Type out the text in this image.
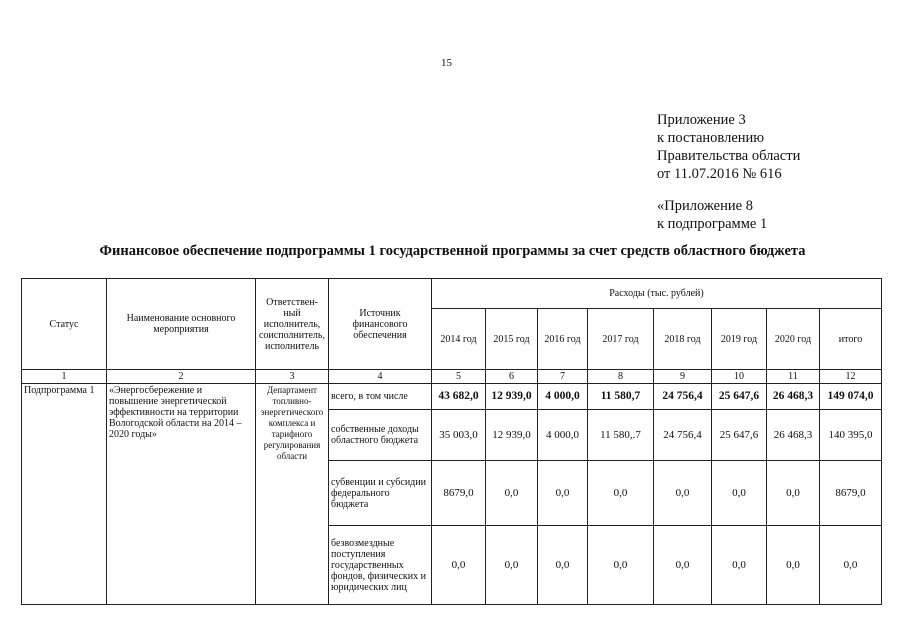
15
Приложение 3
к постановлению
Правительства области
от 11.07.2016 № 616
«Приложение 8
к подпрограмме 1
Финансовое обеспечение подпрограммы 1 государственной программы за счет средств областного бюджета
Статус	Наименование основного мероприятия	Ответствен-ный исполнитель, соисполнитель, исполнитель	Источник финансового обеспечения	Расходы (тыс. рублей)							
				2014 год	2015 год	2016 год	2017 год	2018 год	2019 год	2020 год	итого
1	2	3	4	5	6	7	8	9	10	11	12
Подпрограмма 1	«Энергосбережение и повышение энергетической эффективности на территории Вологодской области на 2014 – 2020 годы»	Департамент топливно-энергетического комплекса и тарифного регулирования области	всего, в том числе	43 682,0	12 939,0	4 000,0	11 580,7	24 756,4	25 647,6	26 468,3	149 074,0
			собственные доходы областного бюджета	35 003,0	12 939,0	4 000,0	11 580,.7	24 756,4	25 647,6	26 468,3	140 395,0
			субвенции и субсидии федерального бюджета	8679,0	0,0	0,0	0,0	0,0	0,0	0,0	8679,0
			безвозмездные поступления государственных фондов, физических и юридических лиц	0,0	0,0	0,0	0,0	0,0	0,0	0,0	0,0
